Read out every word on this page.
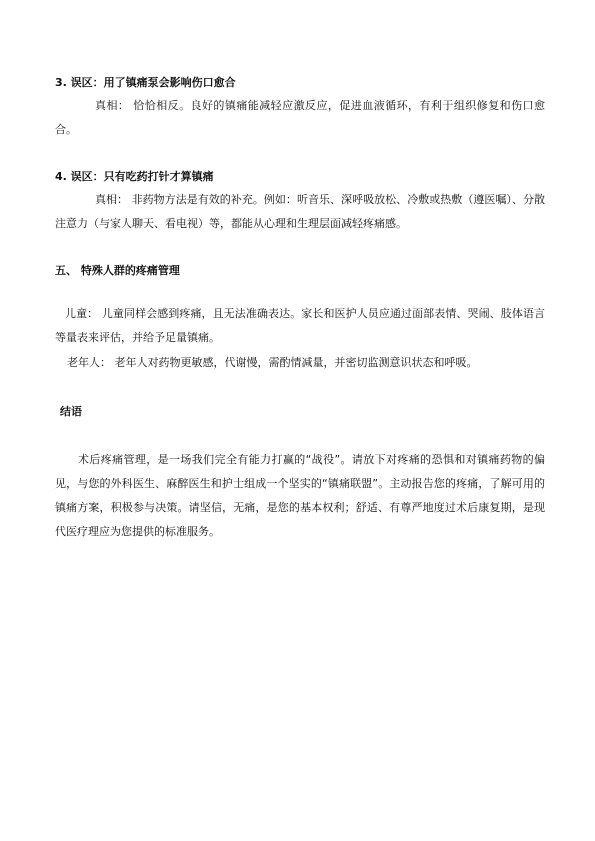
3. 误区：用了镇痛泵会影响伤口愈合
真相： 恰恰相反。良好的镇痛能减轻应激反应，促进血液循环，有利于组织修复和伤口愈合。
4. 误区：只有吃药打针才算镇痛
真相： 非药物方法是有效的补充。例如：听音乐、深呼吸放松、冷敷或热敷（遵医嘱）、分散注意力（与家人聊天、看电视）等，都能从心理和生理层面减轻疼痛感。
五、 特殊人群的疼痛管理
儿童： 儿童同样会感到疼痛，且无法准确表达。家长和医护人员应通过面部表情、哭闹、肢体语言等量表来评估，并给予足量镇痛。
老年人： 老年人对药物更敏感，代谢慢，需酌情减量，并密切监测意识状态和呼吸。
结语
术后疼痛管理，是一场我们完全有能力打赢的“战役”。请放下对疼痛的恐惧和对镇痛药物的偏见，与您的外科医生、麻醉医生和护士组成一个坚实的“镇痛联盟”。主动报告您的疼痛，了解可用的镇痛方案，积极参与决策。请坚信，无痛，是您的基本权利；舒适、有尊严地度过术后康复期，是现代医疗理应为您提供的标准服务。
